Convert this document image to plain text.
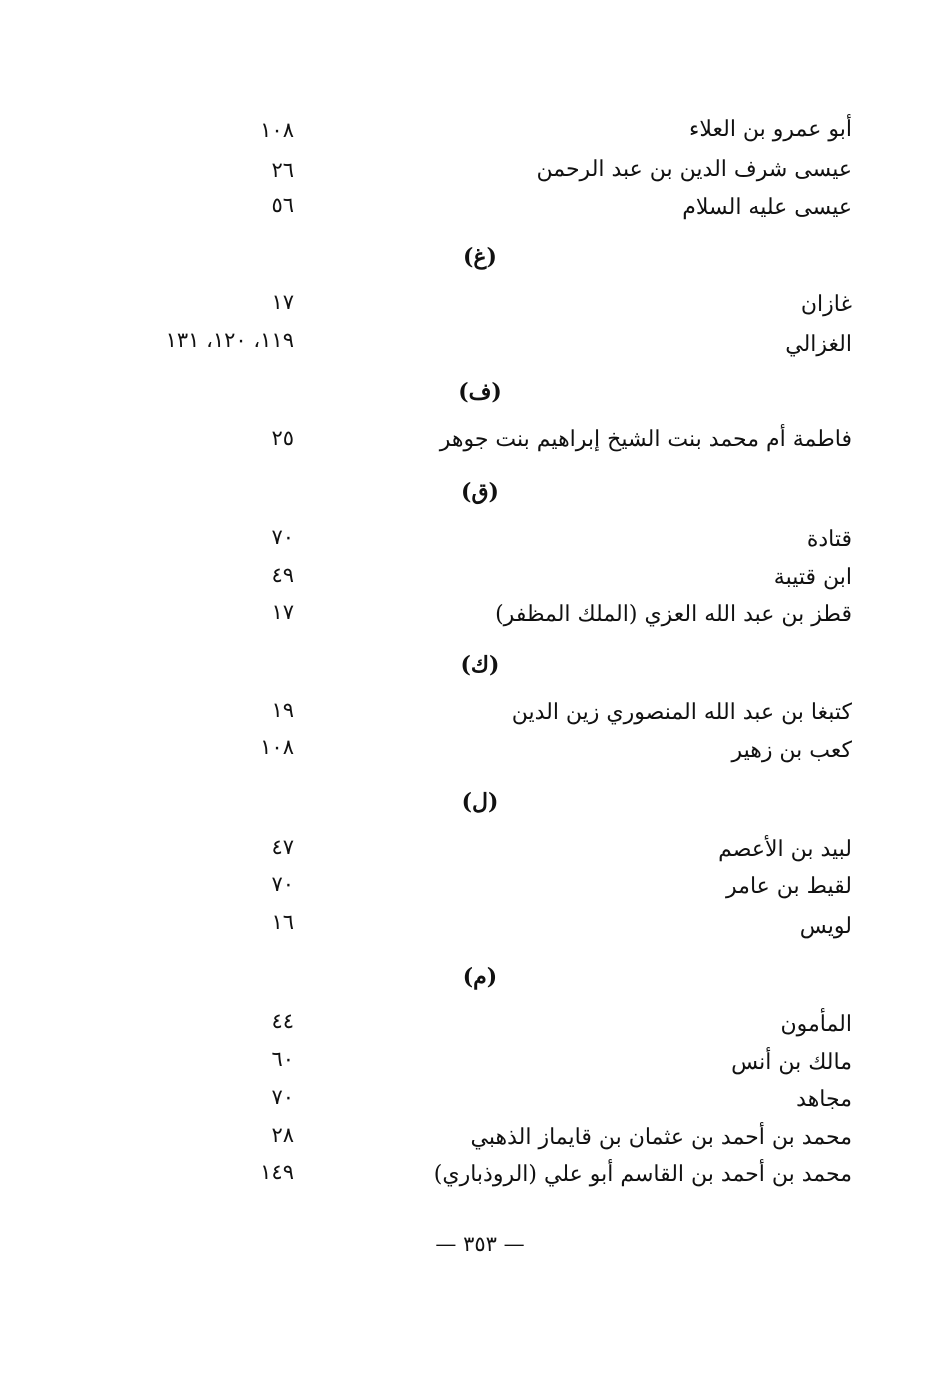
أبو عمرو بن العلاء
١٠٨
عيسى شرف الدين بن عبد الرحمن
٢٦
عيسى عليه السلام
٥٦
(غ)
غازان
١٧
الغزالي
١١٩، ١٢٠، ١٣١
(ف)
فاطمة أم محمد بنت الشيخ إبراهيم بنت جوهر
٢٥
(ق)
قتادة
٧٠
ابن قتيبة
٤٩
قطز بن عبد الله العزي (الملك المظفر)
١٧
(ك)
كتبغا بن عبد الله المنصوري زين الدين
١٩
كعب بن زهير
١٠٨
(ل)
لبيد بن الأعصم
٤٧
لقيط بن عامر
٧٠
لويس
١٦
(م)
المأمون
٤٤
مالك بن أنس
٦٠
مجاهد
٧٠
محمد بن أحمد بن عثمان بن قايماز الذهبي
٢٨
محمد بن أحمد بن القاسم أبو علي (الروذباري)
١٤٩
— ٣٥٣ —
